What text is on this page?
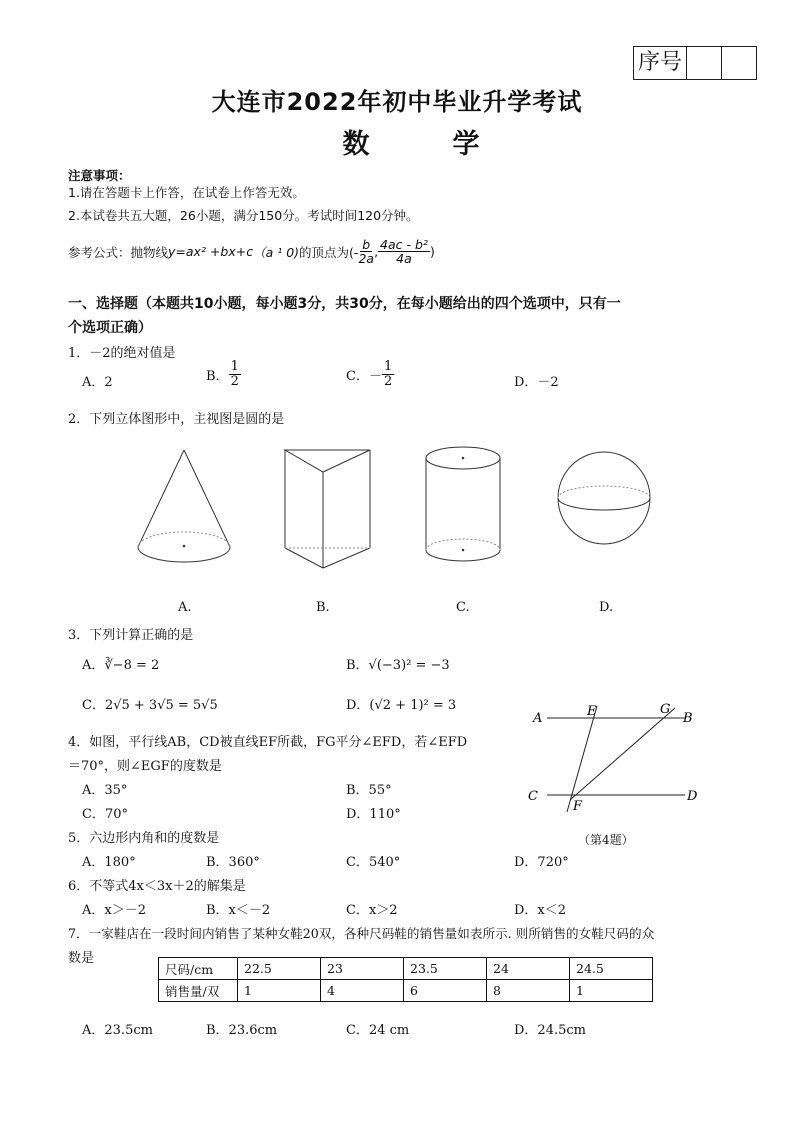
序号
大连市2022年初中毕业升学考试
数　学
注意事项：
1.请在答题卡上作答，在试卷上作答无效。
2.本试卷共五大题，26小题，满分150分。考试时间120分钟。
参考公式：抛物线 y =ax² +bx+c （a ¹ 0) 的顶点为(- $\frac{b}{2a}$ , $\frac{\text{4ac - b²}}{4a}$ )
一、选择题（本题共10小题，每小题3分，共30分，在每小题给出的四个选项中，只有一
个选项正确）
1．－2的绝对值是
A．2	B． $\frac{1}{2}$	C．－ $\frac{1}{2}$	D．－2
2．下列立体图形中，主视图是圆的是
A.	B.	C.	D.
3．下列计算正确的是
A．∛−8 = 2	B．√(−3)² = −3
C．2√5 + 3√5 = 5√5	D．(√2 + 1)² = 3
A	E	G
B
C
F
D
（第4题）
4．如图，平行线AB，CD被直线EF所截，FG平分∠EFD，若∠EFD
＝70°，则∠EGF的度数是
A．35°	B．55°
C．70°	D．110°
5．六边形内角和的度数是
A．180°	B．360°	C．540°	D．720°
6．不等式4x＜3x＋2的解集是
A．x＞－2	B．x＜－2	C．x＞2	D．x＜2
7．一家鞋店在一段时间内销售了某种女鞋20双，各种尺码鞋的销售量如表所示. 则所销售的女鞋尺码的众
数是
尺码/cm	22.5	23	23.5	24	24.5
销售量/双	1	4	6	8	1
A．23.5cm	B．23.6cm	C．24 cm	D．24.5cm
